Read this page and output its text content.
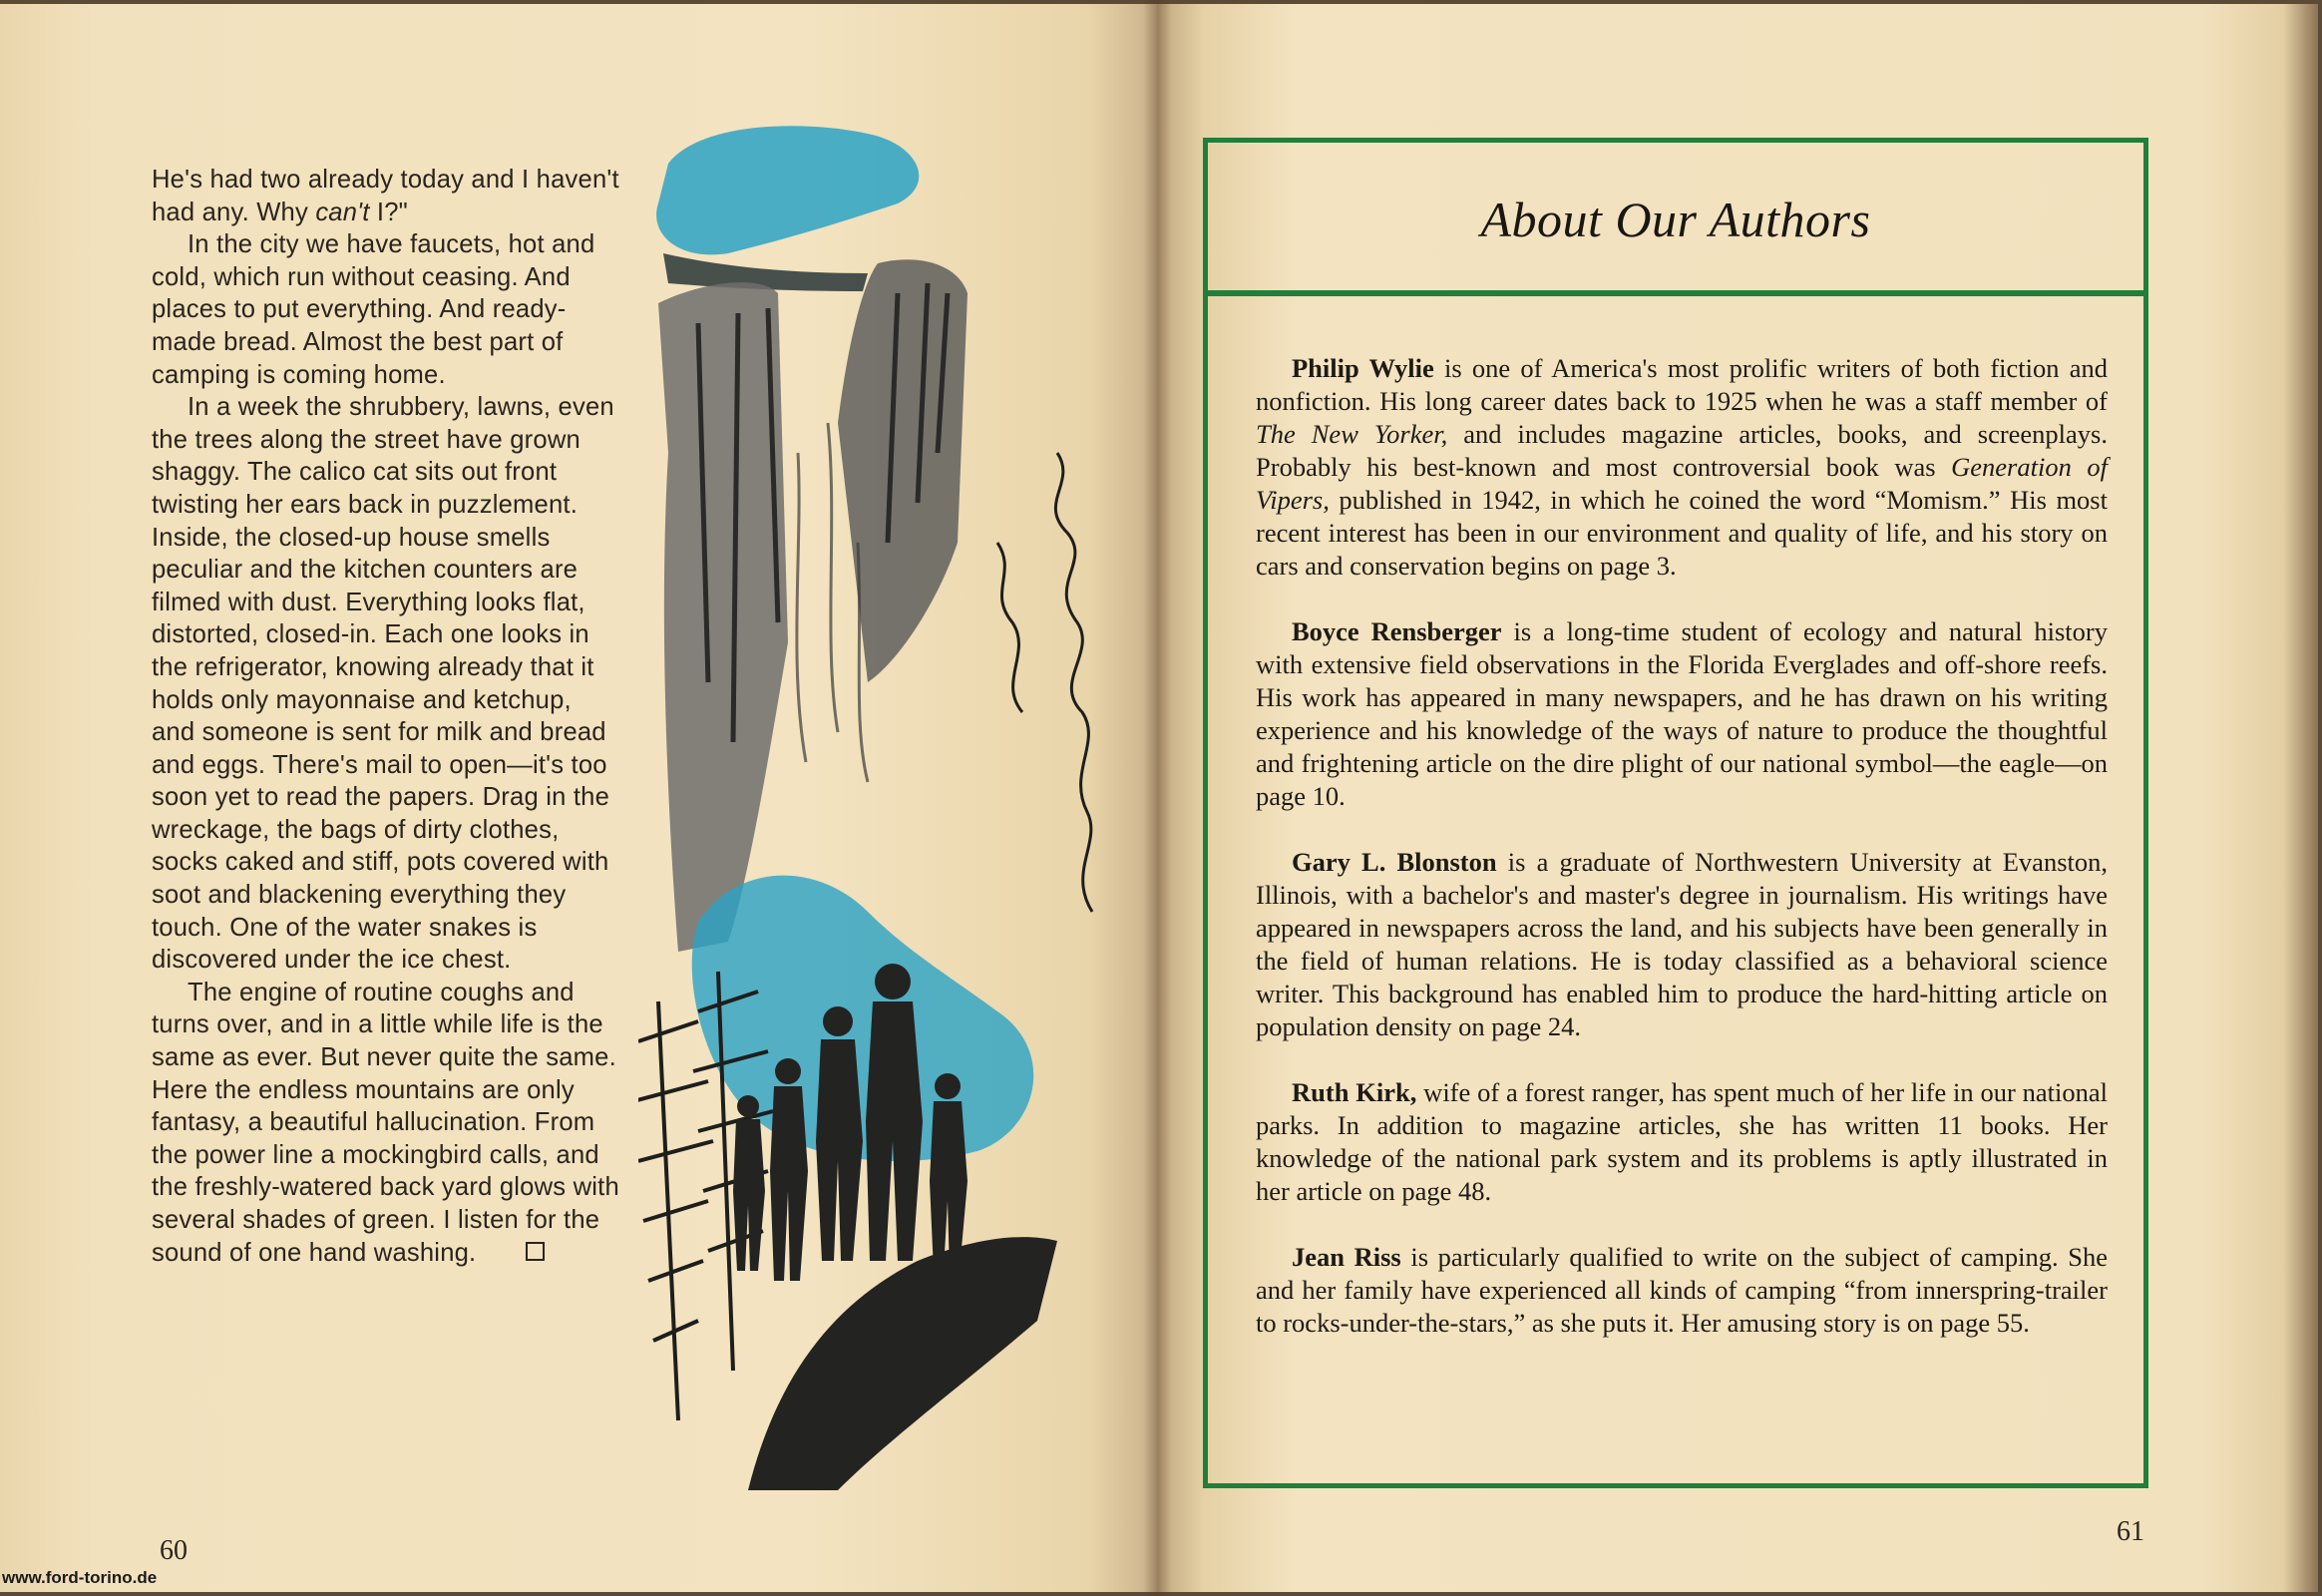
He's had two already today and I haven't had any. Why can't I?"

In the city we have faucets, hot and cold, which run without ceasing. And places to put everything. And ready-made bread. Almost the best part of camping is coming home.

In a week the shrubbery, lawns, even the trees along the street have grown shaggy. The calico cat sits out front twisting her ears back in puzzlement. Inside, the closed-up house smells peculiar and the kitchen counters are filmed with dust. Everything looks flat, distorted, closed-in. Each one looks in the refrigerator, knowing already that it holds only mayonnaise and ketchup, and someone is sent for milk and bread and eggs. There's mail to open—it's too soon yet to read the papers. Drag in the wreckage, the bags of dirty clothes, socks caked and stiff, pots covered with soot and blackening everything they touch. One of the water snakes is discovered under the ice chest.

The engine of routine coughs and turns over, and in a little while life is the same as ever. But never quite the same. Here the endless mountains are only fantasy, a beautiful hallucination. From the power line a mockingbird calls, and the freshly-watered back yard glows with several shades of green. I listen for the sound of one hand washing.

60
About Our Authors

Philip Wylie is one of America's most prolific writers of both fiction and nonfiction. His long career dates back to 1925 when he was a staff member of The New Yorker, and includes magazine articles, books, and screenplays. Probably his best-known and most controversial book was Generation of Vipers, published in 1942, in which he coined the word “Momism.” His most recent interest has been in our environment and quality of life, and his story on cars and conservation begins on page 3.

Boyce Rensberger is a long-time student of ecology and natural history with extensive field observations in the Florida Everglades and off-shore reefs. His work has appeared in many newspapers, and he has drawn on his writing experience and his knowledge of the ways of nature to produce the thoughtful and frightening article on the dire plight of our national symbol—the eagle—on page 10.

Gary L. Blonston is a graduate of Northwestern University at Evanston, Illinois, with a bachelor's and master's degree in journalism. His writings have appeared in newspapers across the land, and his subjects have been generally in the field of human relations. He is today classified as a behavioral science writer. This background has enabled him to produce the hard-hitting article on population density on page 24.

Ruth Kirk, wife of a forest ranger, has spent much of her life in our national parks. In addition to magazine articles, she has written 11 books. Her knowledge of the national park system and its problems is aptly illustrated in her article on page 48.

Jean Riss is particularly qualified to write on the subject of camping. She and her family have experienced all kinds of camping “from innerspring-trailer to rocks-under-the-stars,” as she puts it. Her amusing story is on page 55.

61
www.ford-torino.de
